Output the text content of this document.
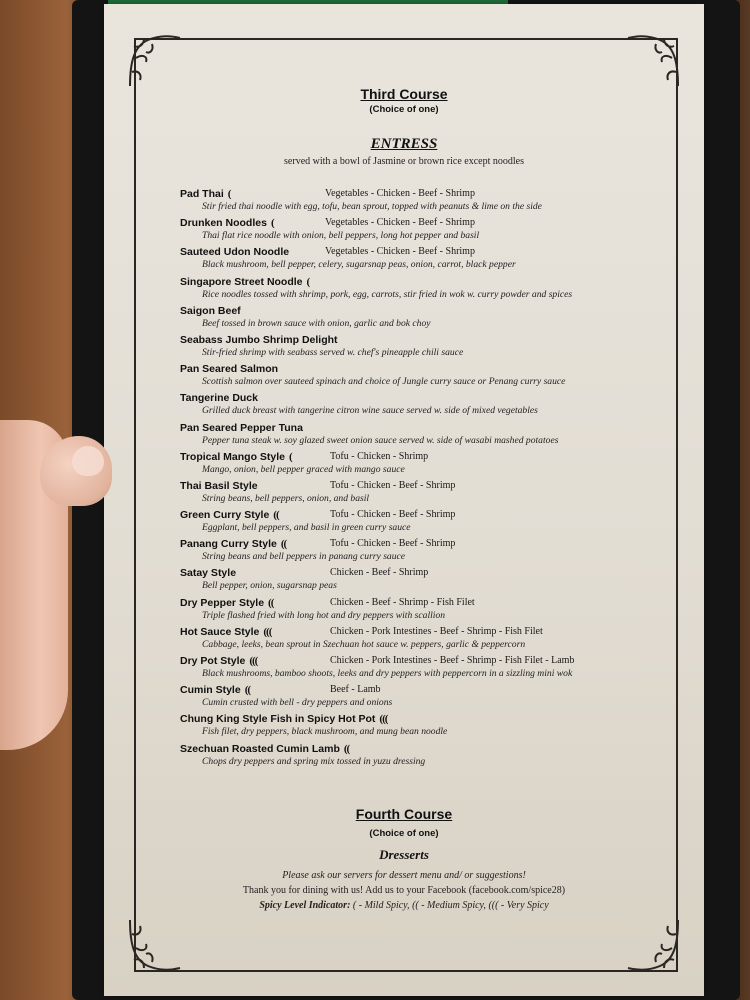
Third Course
(Choice of one)
ENTRESS
served with a bowl of Jasmine or brown rice except noodles
Pad Thai (	Vegetables - Chicken - Beef - Shrimp
Stir fried thai noodle with egg, tofu, bean sprout, topped with peanuts & lime on the side
Drunken Noodles (	Vegetables - Chicken - Beef - Shrimp
Thai flat rice noodle with onion, bell peppers, long hot pepper and basil
Sauteed Udon Noodle	Vegetables - Chicken - Beef - Shrimp
Black mushroom, bell pepper, celery, sugarsnap peas, onion, carrot, black pepper
Singapore Street Noodle (
Rice noodles tossed with shrimp, pork, egg, carrots, stir fried in wok w. curry powder and spices
Saigon Beef
Beef tossed in brown sauce with onion, garlic and bok choy
Seabass Jumbo Shrimp Delight
Stir-fried shrimp with seabass served w. chef's pineapple chili sauce
Pan Seared Salmon
Scottish salmon over sauteed spinach and choice of Jungle curry sauce or Penang curry sauce
Tangerine Duck
Grilled duck breast with tangerine citron wine sauce served w. side of mixed vegetables
Pan Seared Pepper Tuna
Pepper tuna steak w. soy glazed sweet onion sauce served w. side of wasabi mashed potatoes
Tropical Mango Style (	Tofu - Chicken - Shrimp
Mango, onion, bell pepper graced with mango sauce
Thai Basil Style	Tofu - Chicken - Beef - Shrimp
String beans, bell peppers, onion, and basil
Green Curry Style ((	Tofu - Chicken - Beef - Shrimp
Eggplant, bell peppers, and basil in green curry sauce
Panang Curry Style ((	Tofu - Chicken - Beef - Shrimp
String beans and bell peppers in panang curry sauce
Satay Style	Chicken - Beef - Shrimp
Bell pepper, onion, sugarsnap peas
Dry Pepper Style ((	Chicken - Beef - Shrimp - Fish Filet
Triple flashed fried with long hot and dry peppers with scallion
Hot Sauce Style (((	Chicken - Pork Intestines - Beef - Shrimp - Fish Filet
Cabbage, leeks, bean sprout in Szechuan hot sauce w. peppers, garlic & peppercorn
Dry Pot Style (((	Chicken - Pork Intestines - Beef - Shrimp - Fish Filet - Lamb
Black mushrooms, bamboo shoots, leeks and dry peppers with peppercorn in a sizzling mini wok
Cumin Style ((	Beef - Lamb
Cumin crusted with bell - dry peppers and onions
Chung King Style Fish in Spicy Hot Pot (((
Fish filet, dry peppers, black mushroom, and mung bean noodle
Szechuan Roasted Cumin Lamb ((
Chops dry peppers and spring mix tossed in yuzu dressing
Fourth Course
(Choice of one)
Dresserts
Please ask our servers for dessert menu and/ or suggestions!
Thank you for dining with us! Add us to your Facebook (facebook.com/spice28)
Spicy Level Indicator: ( - Mild Spicy, (( - Medium Spicy, ((( - Very Spicy
